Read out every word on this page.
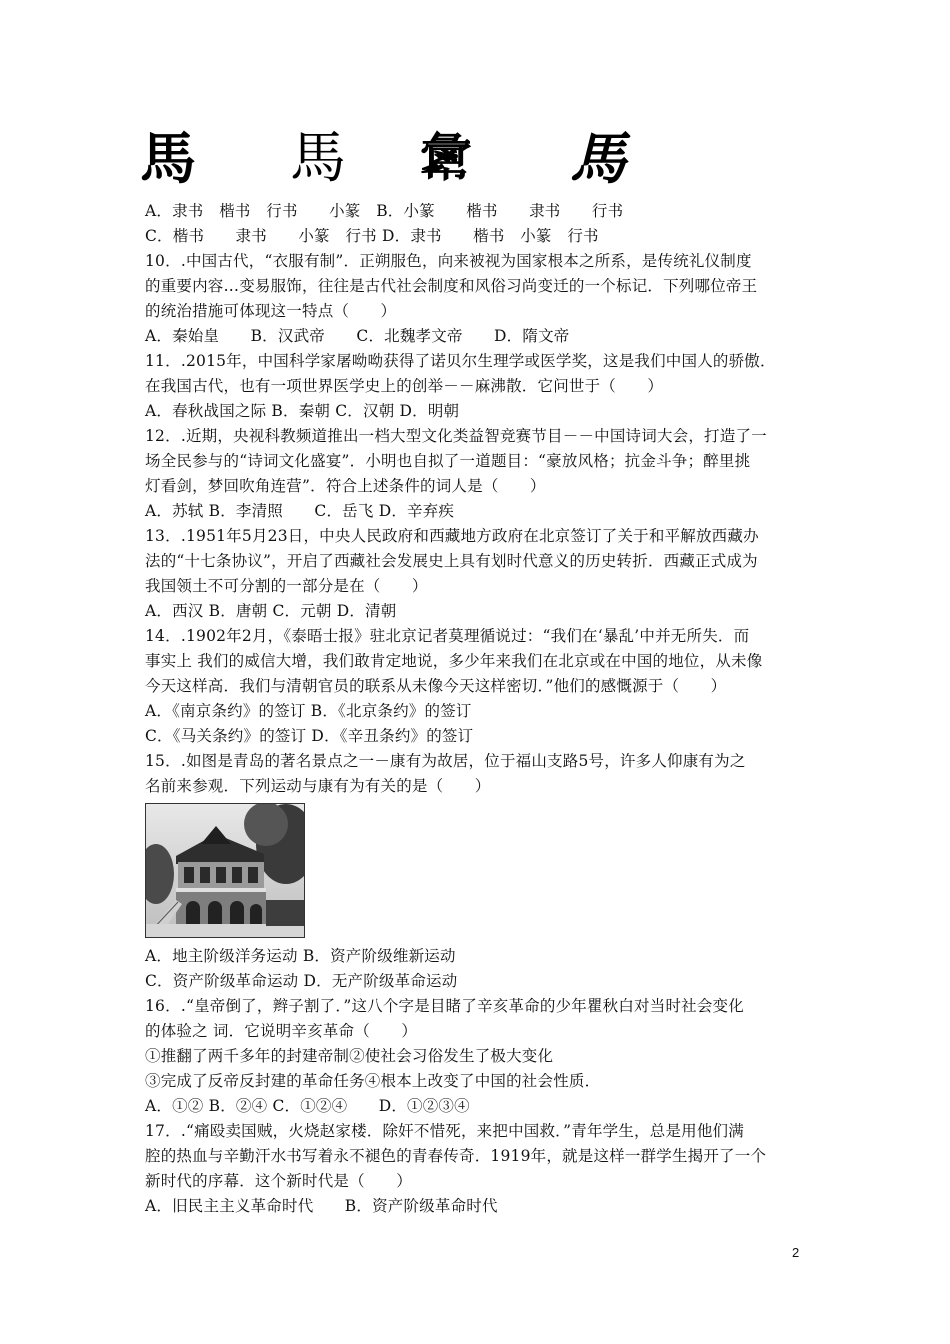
馬 馬 𢑷 馬
A．隶书　楷书　行书　　小篆　B．小篆　　楷书　　隶书　　行书
C．楷书　　隶书　　小篆　行书 D．隶书　　楷书　小篆　行书
10．.中国古代，“衣服有制”．正朔服色，向来被视为国家根本之所系，是传统礼仪制度
的重要内容…变易服饰，往往是古代社会制度和风俗习尚变迁的一个标记．下列哪位帝王
的统治措施可体现这一特点（　　）
A．秦始皇　　B．汉武帝　　C．北魏孝文帝　　D．隋文帝
11．.2015年，中国科学家屠呦呦获得了诺贝尔生理学或医学奖，这是我们中国人的骄傲．
在我国古代，也有一项世界医学史上的创举－－麻沸散．它问世于（　　）
A．春秋战国之际 B．秦朝 C．汉朝 D．明朝
12．.近期，央视科教频道推出一档大型文化类益智竞赛节目－－中国诗词大会，打造了一
场全民参与的“诗词文化盛宴”．小明也自拟了一道题目：“豪放风格；抗金斗争；醉里挑
灯看剑，梦回吹角连营”．符合上述条件的词人是（　　）
A．苏轼 B．李清照　　C．岳飞 D．辛弃疾
13．.1951年5月23日，中央人民政府和西藏地方政府在北京签订了关于和平解放西藏办
法的“十七条协议”，开启了西藏社会发展史上具有划时代意义的历史转折．西藏正式成为
我国领土不可分割的一部分是在（　　）
A．西汉 B．唐朝 C．元朝 D．清朝
14．.1902年2月，《泰晤士报》驻北京记者莫理循说过：“我们在‘暴乱’中并无所失．而
事实上 我们的威信大增，我们敢肯定地说，多少年来我们在北京或在中国的地位，从未像
今天这样高．我们与清朝官员的联系从未像今天这样密切．”他们的感慨源于（　　）
A．《南京条约》的签订 B．《北京条约》的签订
C．《马关条约》的签订 D．《辛丑条约》的签订
15．.如图是青岛的著名景点之一－康有为故居，位于福山支路5号，许多人仰康有为之
名前来参观．下列运动与康有为有关的是（　　）
A．地主阶级洋务运动 B．资产阶级维新运动
C．资产阶级革命运动 D．无产阶级革命运动
16．.“皇帝倒了，辫子割了．”这八个字是目睹了辛亥革命的少年瞿秋白对当时社会变化
的体验之 词．它说明辛亥革命（　　）
①推翻了两千多年的封建帝制②使社会习俗发生了极大变化
③完成了反帝反封建的革命任务④根本上改变了中国的社会性质．
A．①② B．②④ C．①②④　　D．①②③④
17．.“痛殴卖国贼，火烧赵家楼．除奸不惜死，来把中国救．”青年学生，总是用他们满
腔的热血与辛勤汗水书写着永不褪色的青春传奇．1919年，就是这样一群学生揭开了一个
新时代的序幕．这个新时代是（　　）
A．旧民主主义革命时代　　B．资产阶级革命时代
2
